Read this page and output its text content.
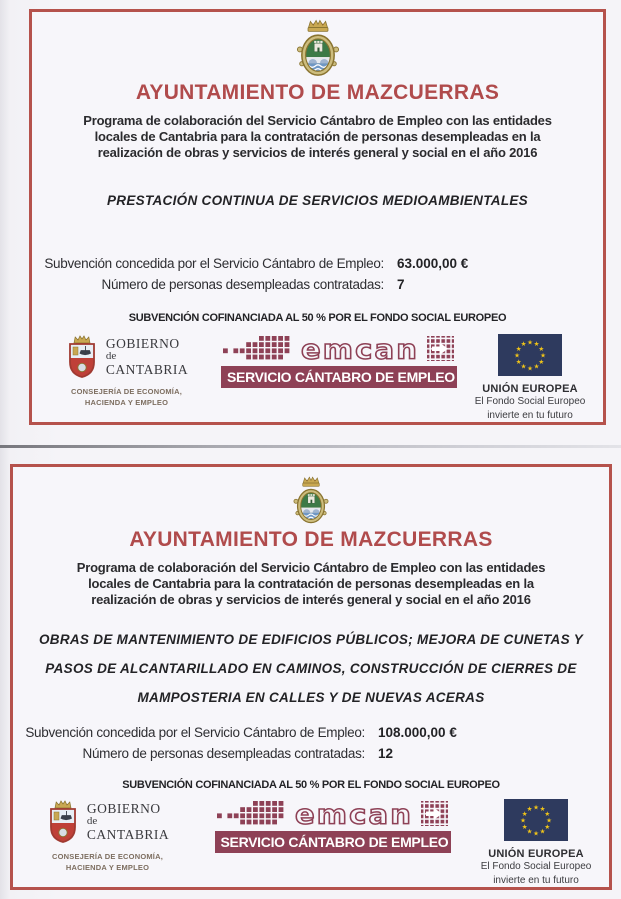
AYUNTAMIENTO DE MAZCUERRAS
Programa de colaboración del Servicio Cántabro de Empleo con las entidades
locales de Cantabria para la contratación de personas desempleadas en la
realización de obras y servicios de interés general y social en el año 2016
PRESTACIÓN CONTINUA DE SERVICIOS MEDIOAMBIENTALES
Subvención concedida por el Servicio Cántabro de Empleo: 63.000,00 €
Número de personas desempleadas contratadas: 7
SUBVENCIÓN COFINANCIADA AL 50 % POR EL FONDO SOCIAL EUROPEO
GOBIERNO
de
CANTABRIA
CONSEJERÍA DE ECONOMÍA,
HACIENDA Y EMPLEO
SERVICIO CÁNTABRO DE EMPLEO
UNIÓN EUROPEA
El Fondo Social Europeo
invierte en tu futuro
AYUNTAMIENTO DE MAZCUERRAS
Programa de colaboración del Servicio Cántabro de Empleo con las entidades
locales de Cantabria para la contratación de personas desempleadas en la
realización de obras y servicios de interés general y social en el año 2016
OBRAS DE MANTENIMIENTO DE EDIFICIOS PÚBLICOS; MEJORA DE CUNETAS Y
PASOS DE ALCANTARILLADO EN CAMINOS, CONSTRUCCIÓN DE CIERRES DE
MAMPOSTERIA EN CALLES Y DE NUEVAS ACERAS
Subvención concedida por el Servicio Cántabro de Empleo: 108.000,00 €
Número de personas desempleadas contratadas: 12
SUBVENCIÓN COFINANCIADA AL 50 % POR EL FONDO SOCIAL EUROPEO
GOBIERNO
de
CANTABRIA
CONSEJERÍA DE ECONOMÍA,
HACIENDA Y EMPLEO
SERVICIO CÁNTABRO DE EMPLEO
UNIÓN EUROPEA
El Fondo Social Europeo
invierte en tu futuro
